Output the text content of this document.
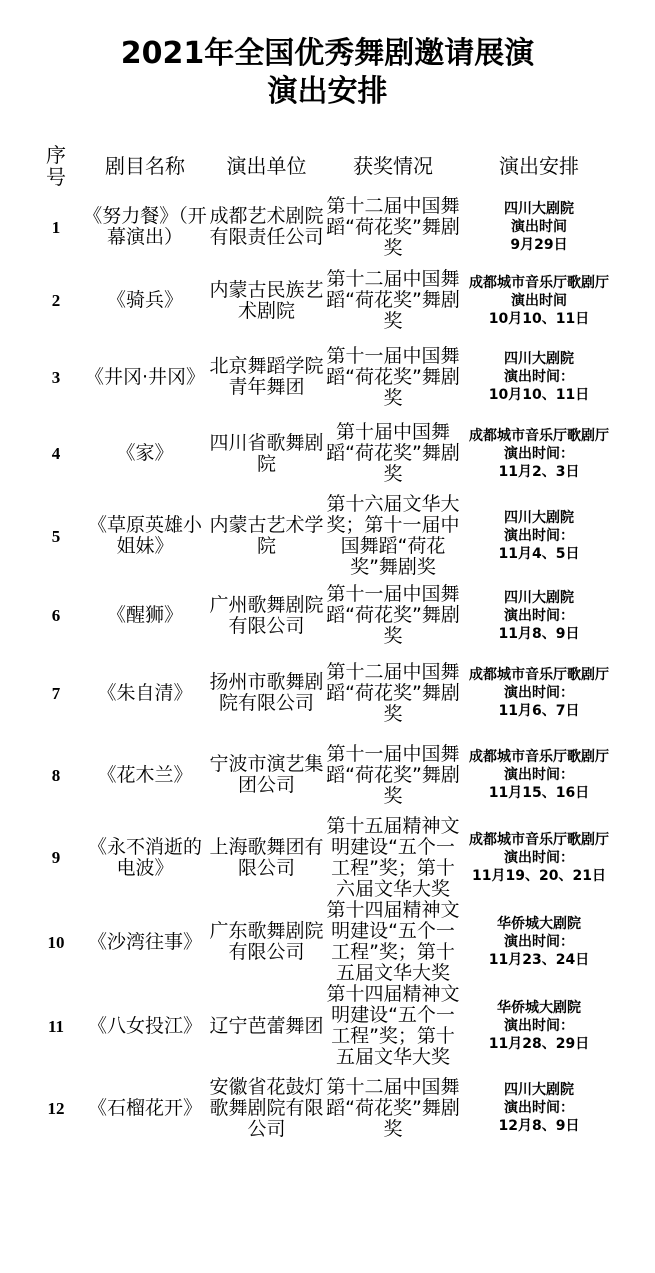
2021年全国优秀舞剧邀请展演
演出安排
序
号	剧目名称	演出单位	获奖情况	演出安排
1	《努力餐》（开幕演出）	成都艺术剧院有限责任公司	第十二届中国舞蹈“荷花奖”舞剧奖	四川大剧院
演出时间
9月29日
2	《骑兵》	内蒙古民族艺术剧院	第十二届中国舞蹈“荷花奖”舞剧奖	成都城市音乐厅歌剧厅
演出时间
10月10、11日
3	《井冈·井冈》	北京舞蹈学院青年舞团	第十一届中国舞蹈“荷花奖”舞剧奖	四川大剧院
演出时间：
10月10、11日
4	《家》	四川省歌舞剧院	第十届中国舞蹈“荷花奖”舞剧奖	成都城市音乐厅歌剧厅
演出时间：
11月2、3日
5	《草原英雄小姐妹》	内蒙古艺术学院	第十六届文华大奖；第十一届中国舞蹈“荷花奖”舞剧奖	四川大剧院
演出时间：
11月4、5日
6	《醒狮》	广州歌舞剧院有限公司	第十一届中国舞蹈“荷花奖”舞剧奖	四川大剧院
演出时间：
11月8、9日
7	《朱自清》	扬州市歌舞剧院有限公司	第十二届中国舞蹈“荷花奖”舞剧奖	成都城市音乐厅歌剧厅
演出时间：
11月6、7日
8	《花木兰》	宁波市演艺集团公司	第十一届中国舞蹈“荷花奖”舞剧奖	成都城市音乐厅歌剧厅
演出时间：
11月15、16日
9	《永不消逝的电波》	上海歌舞团有限公司	第十五届精神文明建设“五个一工程”奖；第十六届文华大奖	成都城市音乐厅歌剧厅
演出时间：
11月19、20、21日
10	《沙湾往事》	广东歌舞剧院有限公司	第十四届精神文明建设“五个一工程”奖；第十五届文华大奖	华侨城大剧院
演出时间：
11月23、24日
11	《八女投江》	辽宁芭蕾舞团	第十四届精神文明建设“五个一工程”奖；第十五届文华大奖	华侨城大剧院
演出时间：
11月28、29日
12	《石榴花开》	安徽省花鼓灯歌舞剧院有限公司	第十二届中国舞蹈“荷花奖”舞剧奖	四川大剧院
演出时间：
12月8、9日
